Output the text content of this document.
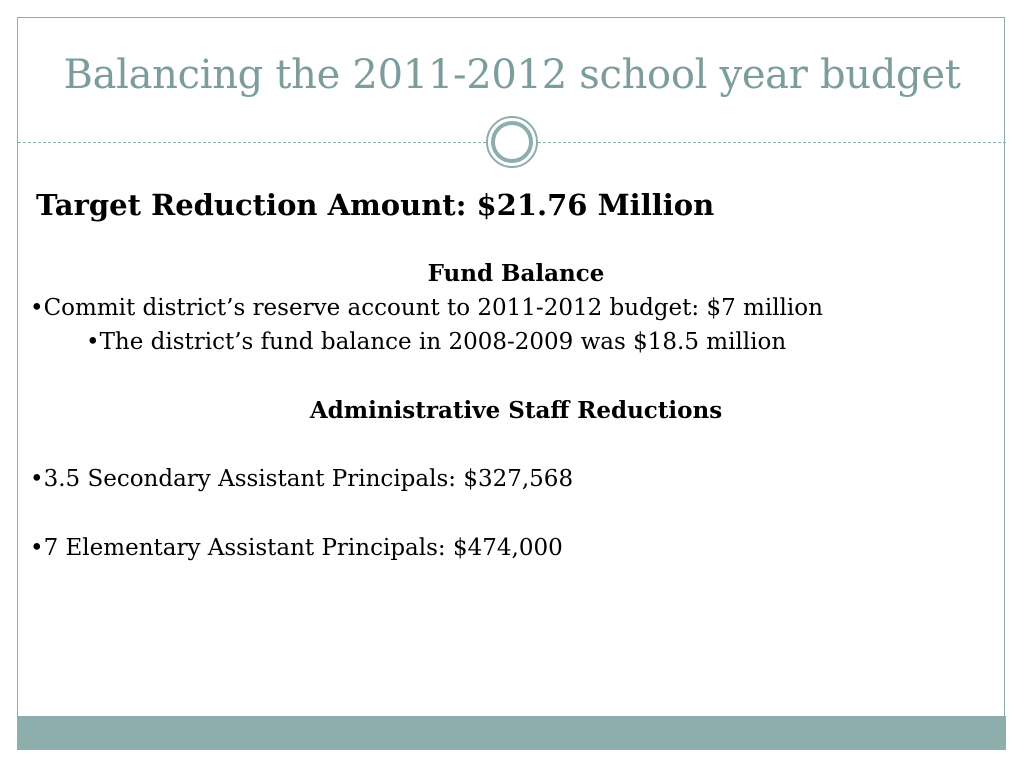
Balancing the 2011-2012 school year budget
Target Reduction Amount: $21.76 Million
Fund Balance
•Commit district’s reserve account to 2011-2012 budget: $7 million
•The district’s fund balance in 2008-2009 was $18.5 million
Administrative Staff Reductions
•3.5 Secondary Assistant Principals: $327,568
•7 Elementary Assistant Principals: $474,000
